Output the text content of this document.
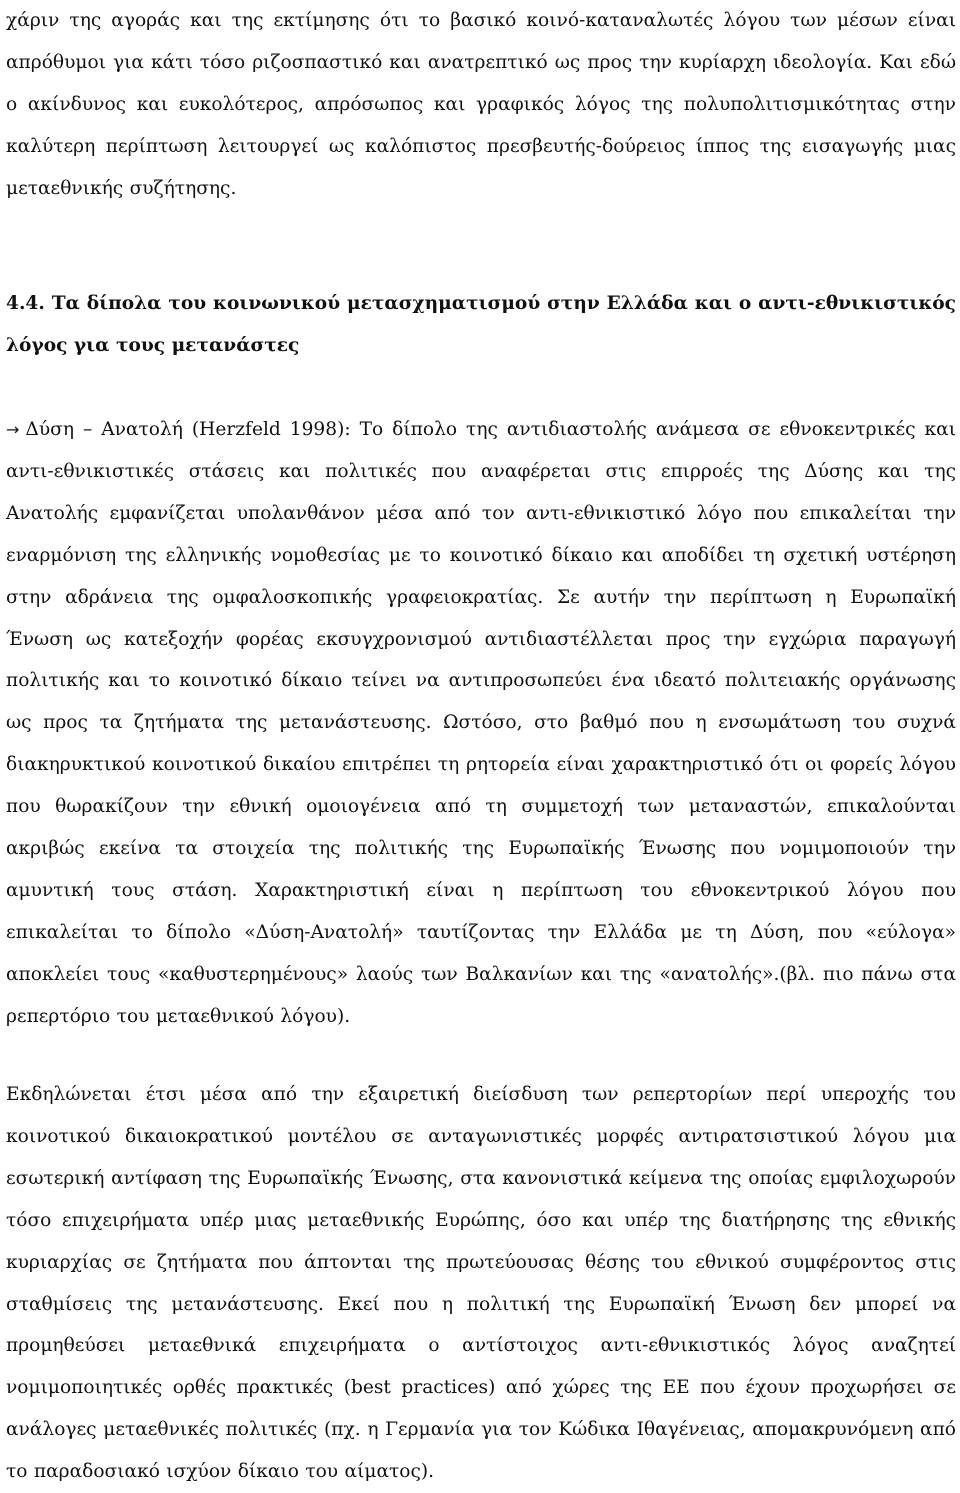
χάριν της αγοράς και της εκτίμησης ότι το βασικό κοινό-καταναλωτές λόγου των μέσων είναι απρόθυμοι για κάτι τόσο ριζοσπαστικό και ανατρεπτικό ως προς την κυρίαρχη ιδεολογία. Και εδώ ο ακίνδυνος και ευκολότερος, απρόσωπος και γραφικός λόγος της πολυπολιτισμικότητας στην καλύτερη περίπτωση λειτουργεί ως καλόπιστος πρεσβευτής-δούρειος ίππος της εισαγωγής μιας μεταεθνικής συζήτησης.

4.4. Τα δίπολα του κοινωνικού μετασχηματισμού στην Ελλάδα και ο αντι-εθνικιστικός λόγος για τους μετανάστες

→ Δύση – Ανατολή (Herzfeld 1998): Το δίπολο της αντιδιαστολής ανάμεσα σε εθνοκεντρικές και αντι-εθνικιστικές στάσεις και πολιτικές που αναφέρεται στις επιρροές της Δύσης και της Ανατολής εμφανίζεται υπολανθάνον μέσα από τον αντι-εθνικιστικό λόγο που επικαλείται την εναρμόνιση της ελληνικής νομοθεσίας με το κοινοτικό δίκαιο και αποδίδει τη σχετική υστέρηση στην αδράνεια της ομφαλοσκοπικής γραφειοκρατίας. Σε αυτήν την περίπτωση η Ευρωπαϊκή Ένωση ως κατεξοχήν φορέας εκσυγχρονισμού αντιδιαστέλλεται προς την εγχώρια παραγωγή πολιτικής και το κοινοτικό δίκαιο τείνει να αντιπροσωπεύει ένα ιδεατό πολιτειακής οργάνωσης ως προς τα ζητήματα της μετανάστευσης. Ωστόσο, στο βαθμό που η ενσωμάτωση του συχνά διακηρυκτικού κοινοτικού δικαίου επιτρέπει τη ρητορεία είναι χαρακτηριστικό ότι οι φορείς λόγου που θωρακίζουν την εθνική ομοιογένεια από τη συμμετοχή των μεταναστών, επικαλούνται ακριβώς εκείνα τα στοιχεία της πολιτικής της Ευρωπαϊκής Ένωσης που νομιμοποιούν την αμυντική τους στάση. Χαρακτηριστική είναι η περίπτωση του εθνοκεντρικού λόγου που επικαλείται το δίπολο «Δύση-Ανατολή» ταυτίζοντας την Ελλάδα με τη Δύση, που «εύλογα» αποκλείει τους «καθυστερημένους» λαούς των Βαλκανίων και της «ανατολής».(βλ. πιο πάνω στα ρεπερτόριο του μεταεθνικού λόγου).

Εκδηλώνεται έτσι μέσα από την εξαιρετική διείσδυση των ρεπερτορίων περί υπεροχής του κοινοτικού δικαιοκρατικού μοντέλου σε ανταγωνιστικές μορφές αντιρατσιστικού λόγου μια εσωτερική αντίφαση της Ευρωπαϊκής Ένωσης, στα κανονιστικά κείμενα της οποίας εμφιλοχωρούν τόσο επιχειρήματα υπέρ μιας μεταεθνικής Ευρώπης, όσο και υπέρ της διατήρησης της εθνικής κυριαρχίας σε ζητήματα που άπτονται της πρωτεύουσας θέσης του εθνικού συμφέροντος στις σταθμίσεις της μετανάστευσης. Εκεί που η πολιτική της Ευρωπαϊκή Ένωση δεν μπορεί να προμηθεύσει μεταεθνικά επιχειρήματα ο αντίστοιχος αντι-εθνικιστικός λόγος αναζητεί νομιμοποιητικές ορθές πρακτικές (best practices) από χώρες της ΕΕ που έχουν προχωρήσει σε ανάλογες μεταεθνικές πολιτικές (πχ. η Γερμανία για τον Κώδικα Ιθαγένειας, απομακρυνόμενη από το παραδοσιακό ισχύον δίκαιο του αίματος).
